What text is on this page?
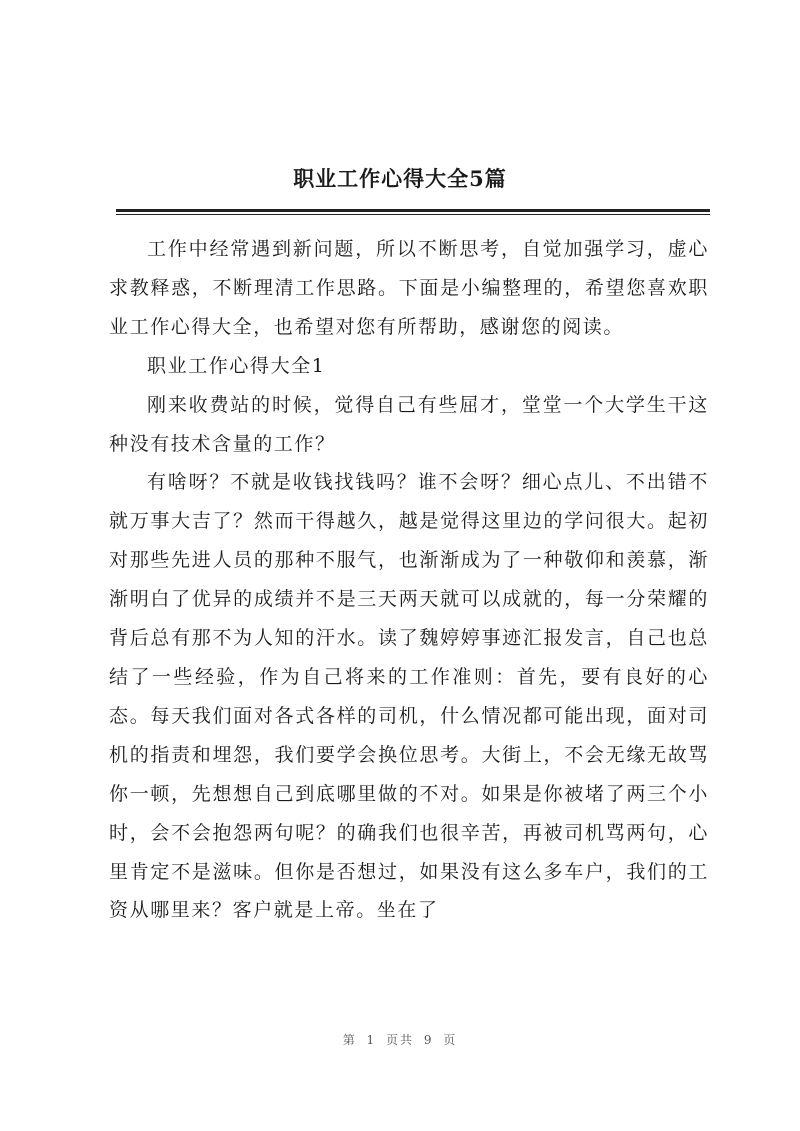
职业工作心得大全5篇

工作中经常遇到新问题，所以不断思考，自觉加强学习，虚心求教释惑，不断理清工作思路。下面是小编整理的，希望您喜欢职业工作心得大全，也希望对您有所帮助，感谢您的阅读。

职业工作心得大全1

刚来收费站的时候，觉得自己有些屈才，堂堂一个大学生干这种没有技术含量的工作？

有啥呀？不就是收钱找钱吗？谁不会呀？细心点儿、不出错不就万事大吉了？然而干得越久，越是觉得这里边的学问很大。起初对那些先进人员的那种不服气，也渐渐成为了一种敬仰和羡慕，渐渐明白了优异的成绩并不是三天两天就可以成就的，每一分荣耀的背后总有那不为人知的汗水。读了魏婷婷事迹汇报发言，自己也总结了一些经验，作为自己将来的工作准则：首先，要有良好的心态。每天我们面对各式各样的司机，什么情况都可能出现，面对司机的指责和埋怨，我们要学会换位思考。大街上，不会无缘无故骂你一顿，先想想自己到底哪里做的不对。如果是你被堵了两三个小时，会不会抱怨两句呢？的确我们也很辛苦，再被司机骂两句，心里肯定不是滋味。但你是否想过，如果没有这么多车户，我们的工资从哪里来？客户就是上帝。坐在了

第 1 页共 9 页
